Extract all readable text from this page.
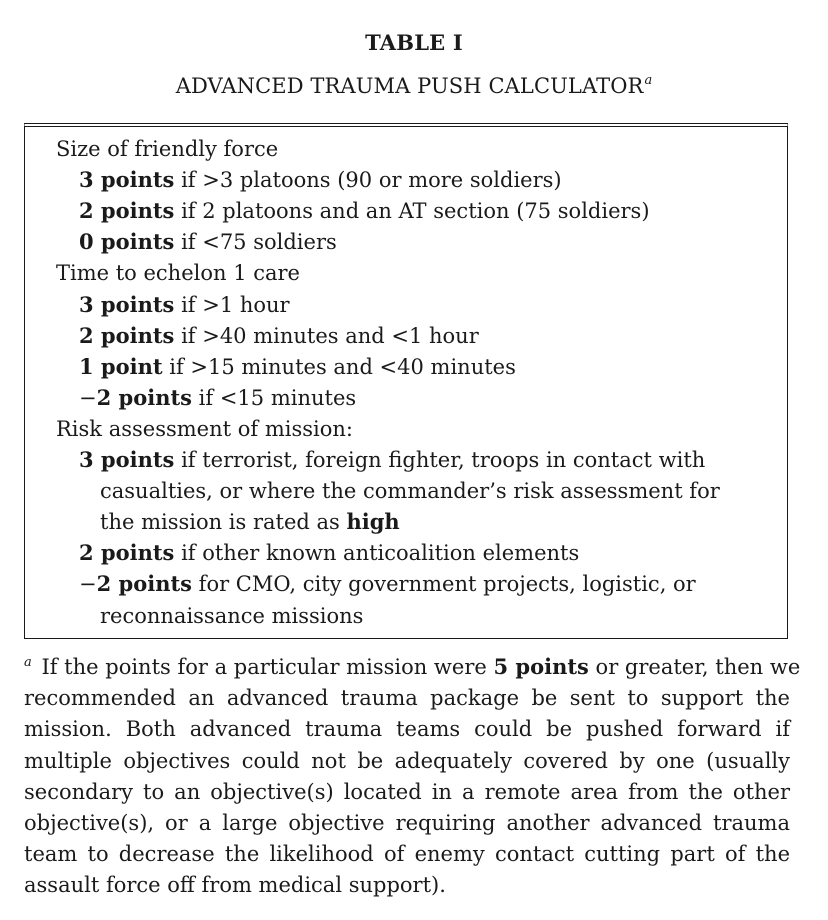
TABLE I
ADVANCED TRAUMA PUSH CALCULATOR$^a$
Size of friendly force
3 points if >3 platoons (90 or more soldiers)
2 points if 2 platoons and an AT section (75 soldiers)
0 points if <75 soldiers
Time to echelon 1 care
3 points if >1 hour
2 points if >40 minutes and <1 hour
1 point if >15 minutes and <40 minutes
−2 points if <15 minutes
Risk assessment of mission:
3 points if terrorist, foreign fighter, troops in contact with
casualties, or where the commander’s risk assessment for
the mission is rated as high
2 points if other known anticoalition elements
−2 points for CMO, city government projects, logistic, or
reconnaissance missions
$^a$ If the points for a particular mission were 5 points or greater, then we
recommended an advanced trauma package be sent to support the
mission. Both advanced trauma teams could be pushed forward if
multiple objectives could not be adequately covered by one (usually
secondary to an objective(s) located in a remote area from the other
objective(s), or a large objective requiring another advanced trauma
team to decrease the likelihood of enemy contact cutting part of the
assault force off from medical support).
